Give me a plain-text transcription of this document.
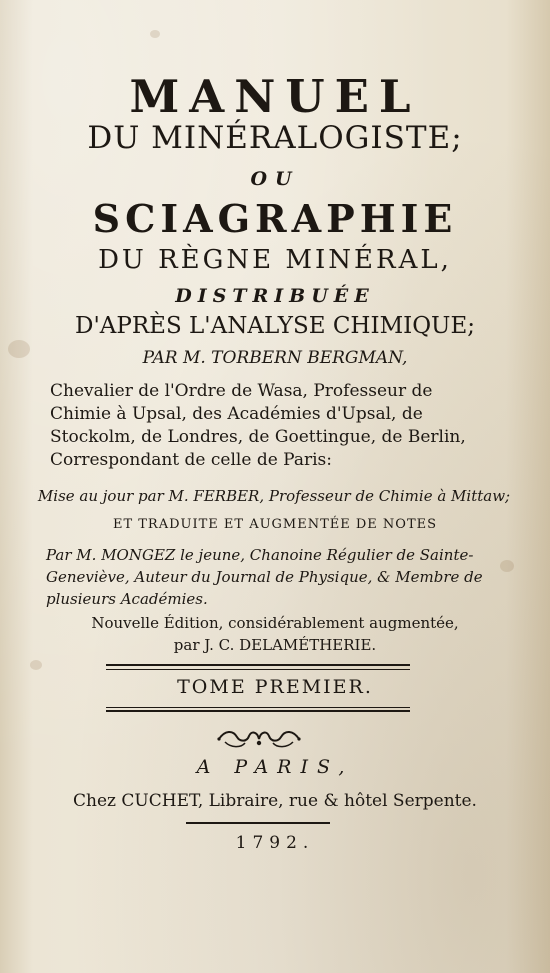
MANUEL
DU MINÉRALOGISTE;
OU
SCIAGRAPHIE
DU RÈGNE MINÉRAL,
DISTRIBUÉE
D'APRÈS L'ANALYSE CHIMIQUE;
PAR M. TORBERN BERGMAN,
Chevalier de l'Ordre de Wasa, Professeur de Chimie à Upsal, des Académies d'Upsal, de Stockolm, de Londres, de Goettingue, de Berlin, Correspondant de celle de Paris:
Mise au jour par M. FERBER, Professeur de Chimie à Mittaw;
ET TRADUITE ET AUGMENTÉE DE NOTES
Par M. MONGEZ le jeune, Chanoine Régulier de Sainte-Geneviève, Auteur du Journal de Physique, & Membre de plusieurs Académies.
Nouvelle Édition, considérablement augmentée,
par J. C. DELAMÉTHERIE.
TOME PREMIER.
A PARIS,
Chez CUCHET, Libraire, rue & hôtel Serpente.
1792.
